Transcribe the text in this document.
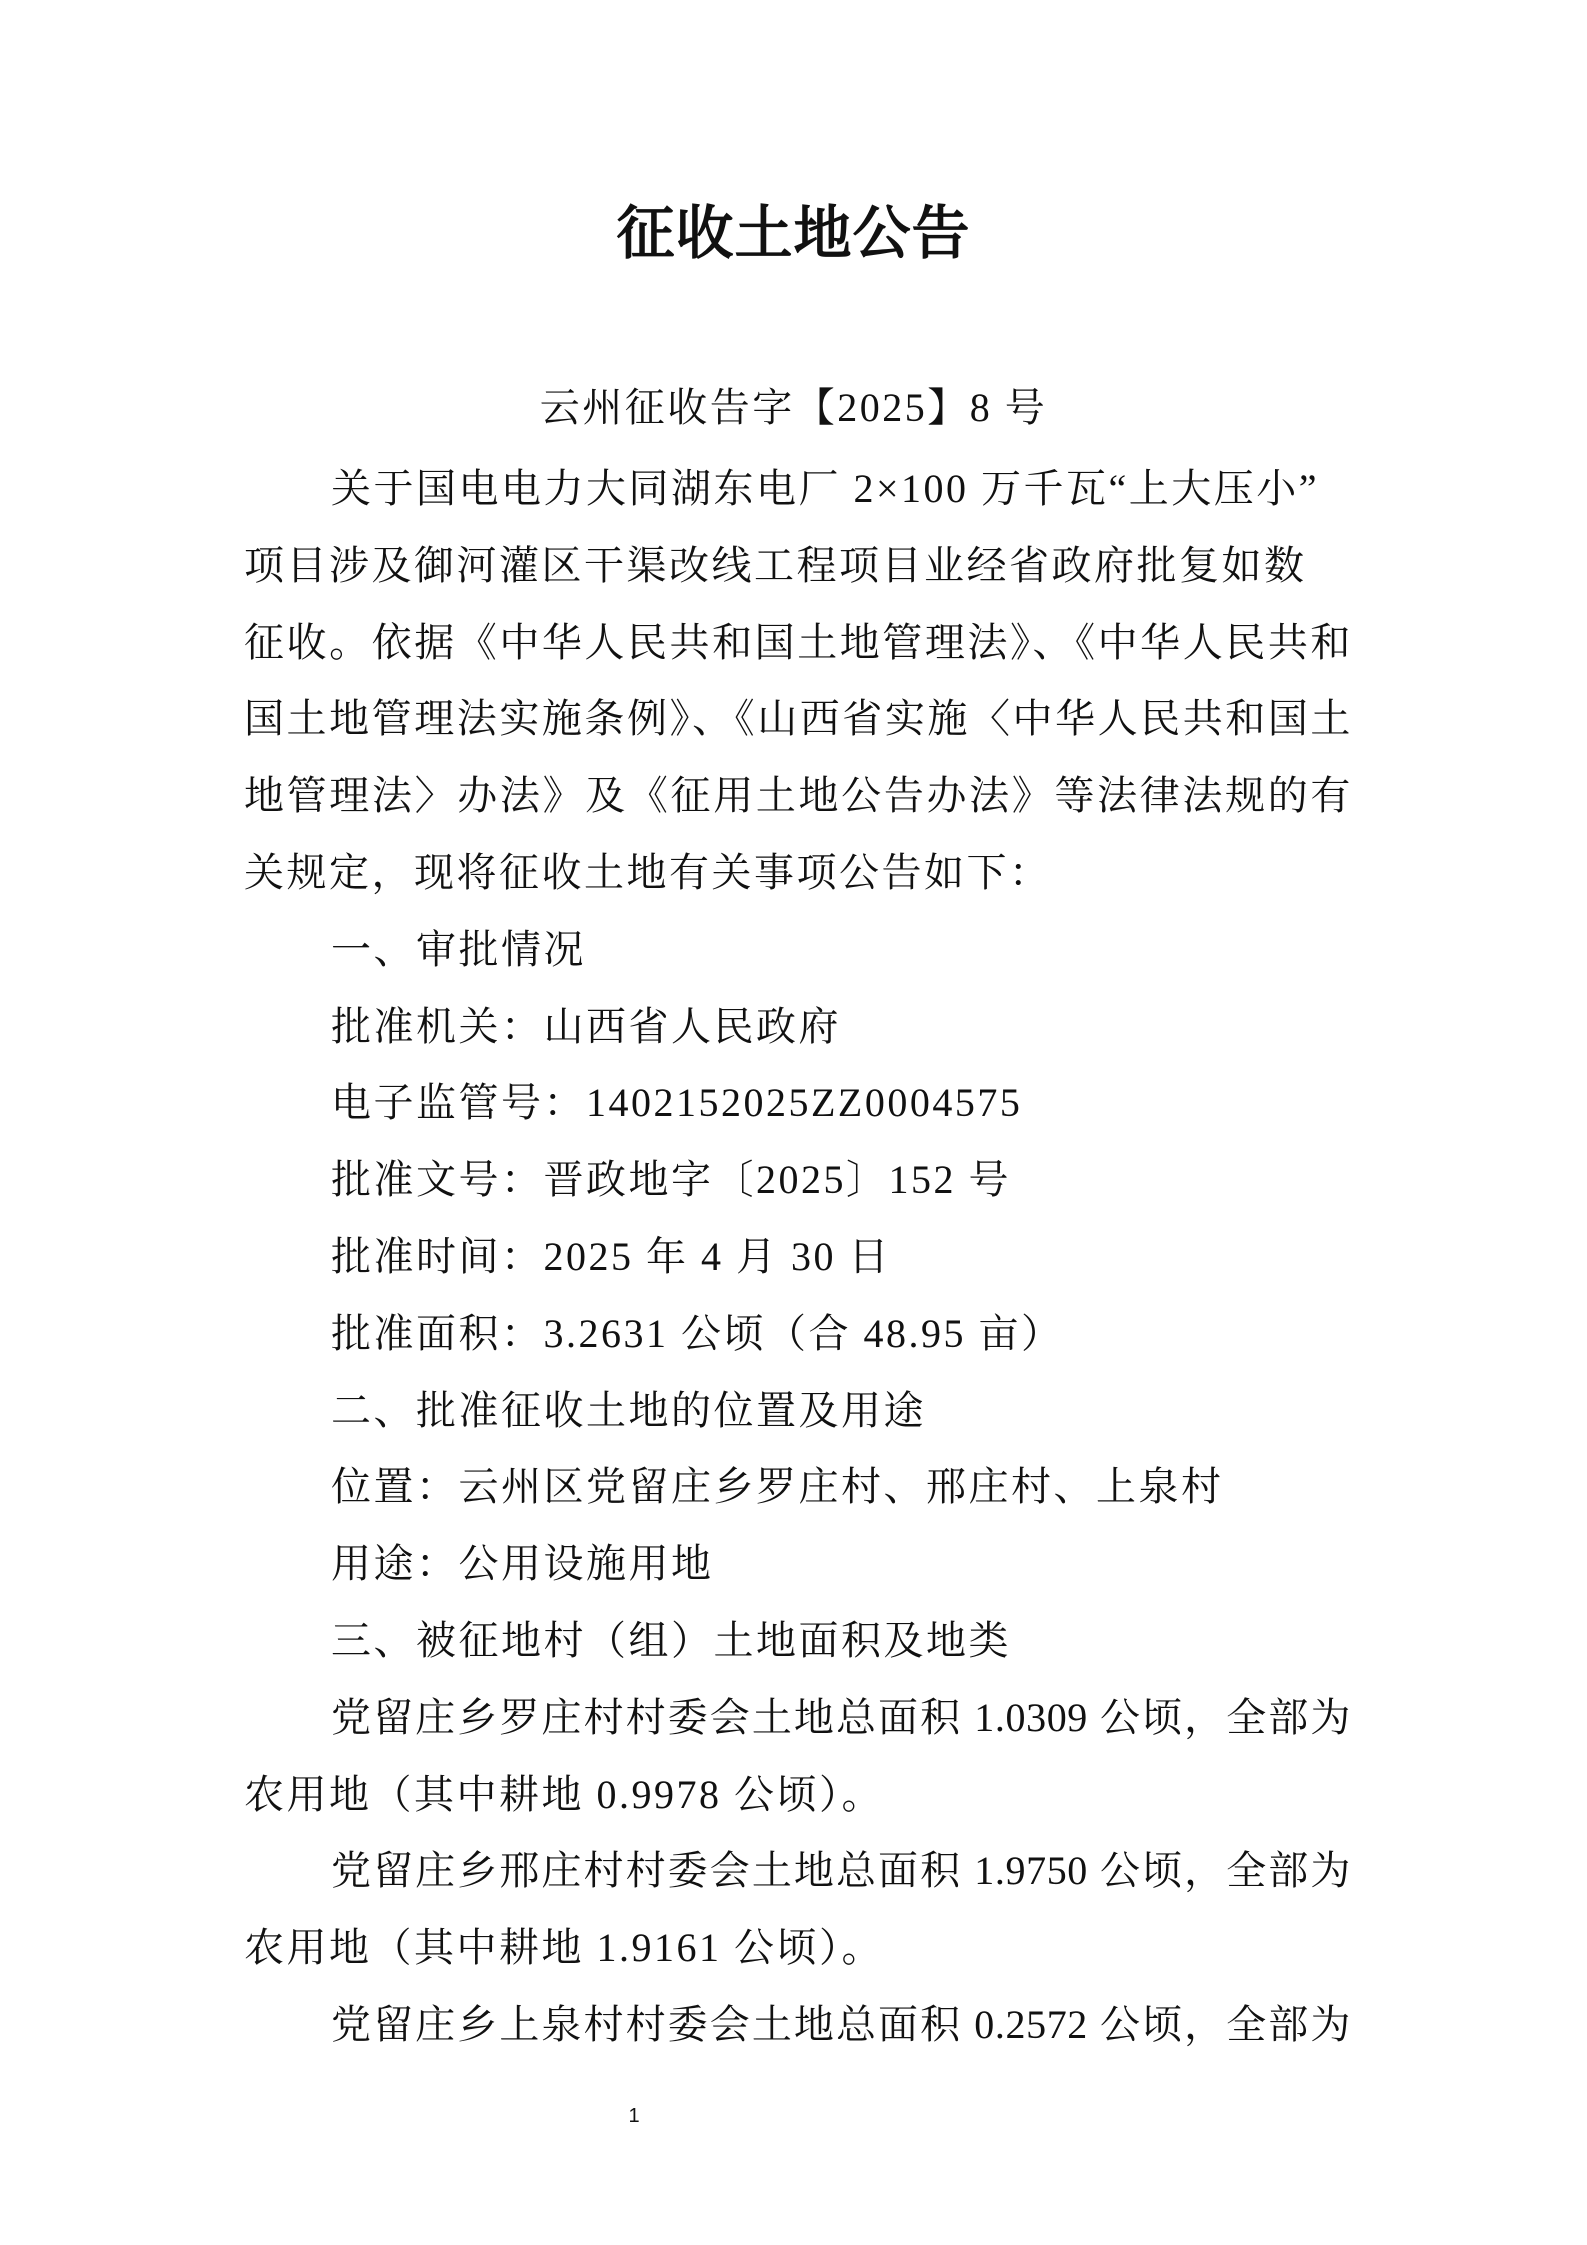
征收土地公告
云州征收告字【2025】8 号
关于国电电力大同湖东电厂 2×100 万千瓦“上大压小”
项目涉及御河灌区干渠改线工程项目业经省政府批复如数
征收。依据《中华人民共和国土地管理法》、《中华人民共和
国土地管理法实施条例》、《山西省实施〈中华人民共和国土
地管理法〉办法》及《征用土地公告办法》等法律法规的有
关规定，现将征收土地有关事项公告如下：
一、审批情况
批准机关：山西省人民政府
电子监管号：1402152025ZZ0004575
批准文号：晋政地字〔2025〕152 号
批准时间：2025 年 4 月 30 日
批准面积：3.2631 公顷（合 48.95 亩）
二、批准征收土地的位置及用途
位置：云州区党留庄乡罗庄村、邢庄村、上泉村
用途：公用设施用地
三、被征地村（组）土地面积及地类
党留庄乡罗庄村村委会土地总面积 1.0309 公顷，全部为
农用地（其中耕地 0.9978 公顷）。
党留庄乡邢庄村村委会土地总面积 1.9750 公顷，全部为
农用地（其中耕地 1.9161 公顷）。
党留庄乡上泉村村委会土地总面积 0.2572 公顷，全部为
1
